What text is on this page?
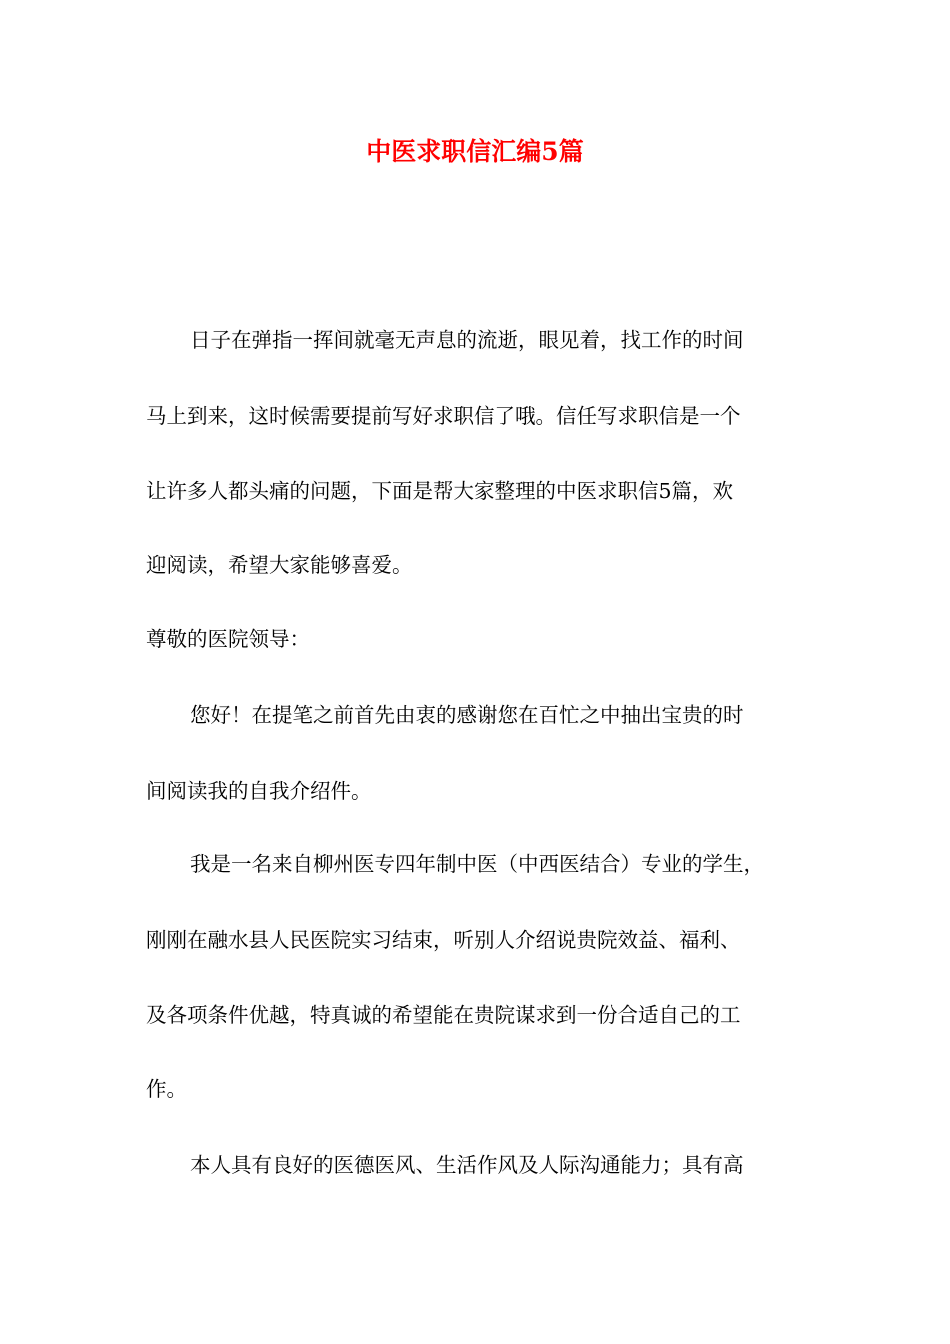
中医求职信汇编5篇
日子在弹指一挥间就毫无声息的流逝，眼见着，找工作的时间
马上到来，这时候需要提前写好求职信了哦。信任写求职信是一个
让许多人都头痛的问题，下面是帮大家整理的中医求职信5篇，欢
迎阅读，希望大家能够喜爱。
尊敬的医院领导：
您好！在提笔之前首先由衷的感谢您在百忙之中抽出宝贵的时
间阅读我的自我介绍件。
我是一名来自柳州医专四年制中医（中西医结合）专业的学生，
刚刚在融水县人民医院实习结束，听别人介绍说贵院效益、福利、
及各项条件优越，特真诚的希望能在贵院谋求到一份合适自己的工
作。
本人具有良好的医德医风、生活作风及人际沟通能力；具有高
